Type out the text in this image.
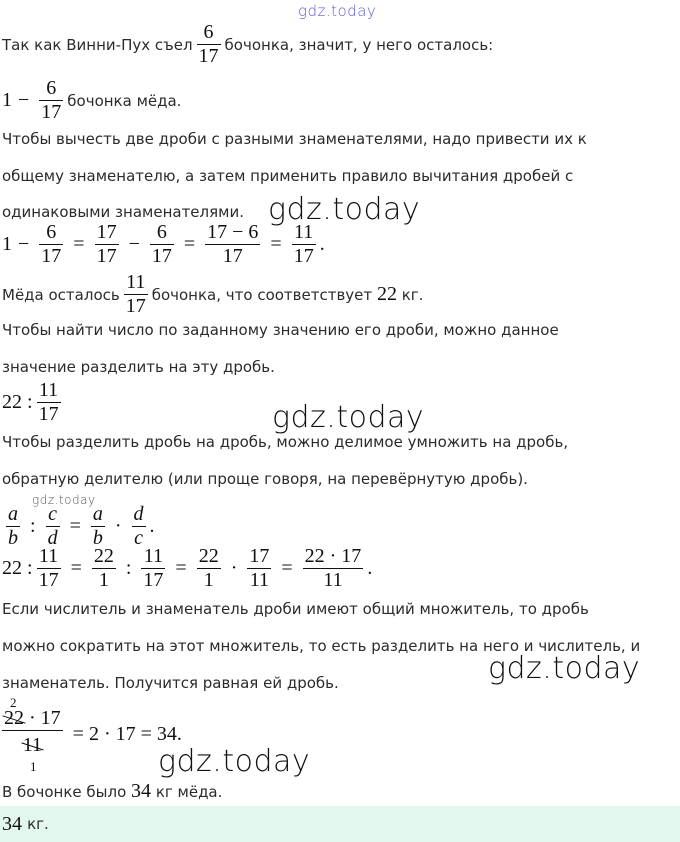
gdz.today
Так как Винни-Пух съел
6
17
бочонка, значит, у него осталось:
$1 - \frac{6}{17}$ бочонка мёда.
Чтобы вычесть две дроби с разными знаменателями, надо привести их к
общему знаменателю, а затем применить правило вычитания дробей с
одинаковыми знаменателями. gdz.today
$1 - \frac{6}{17} = \frac{17}{17} - \frac{6}{17} = \frac{17 - 6}{17} = \frac{11}{17}$ .
Мёда осталось
11
17
бочонка, что соответствует
22
кг.
Чтобы найти число по заданному значению его дроби, можно данное
значение разделить на эту дробь.
22 :
11
17	gdz.today
Чтобы разделить дробь на дробь, можно делимое умножить на дробь,
обратную делителю (или проще говоря, на перевёрнутую дробь).
gdz.today
a
b
: $\frac{c}{d} = \frac{a}{b}$ ·
d
c
.
22 : $\frac{11}{17} = \frac{22}{1}$ : $\frac{11}{17} = \frac{22}{1} \cdot \frac{17}{11} = \frac{22 \cdot 17}{11}$ .
Если числитель и знаменатель дроби имеют общий множитель, то дробь
можно сократить на этот множитель, то есть разделить на него и числитель, и
знаменатель. Получится равная ей дробь.	gdz.today
2
22 · 17
11
1
= 2 · 17 = 34.
gdz.today
В бочонке было
34
кг мёда.
34
кг.
